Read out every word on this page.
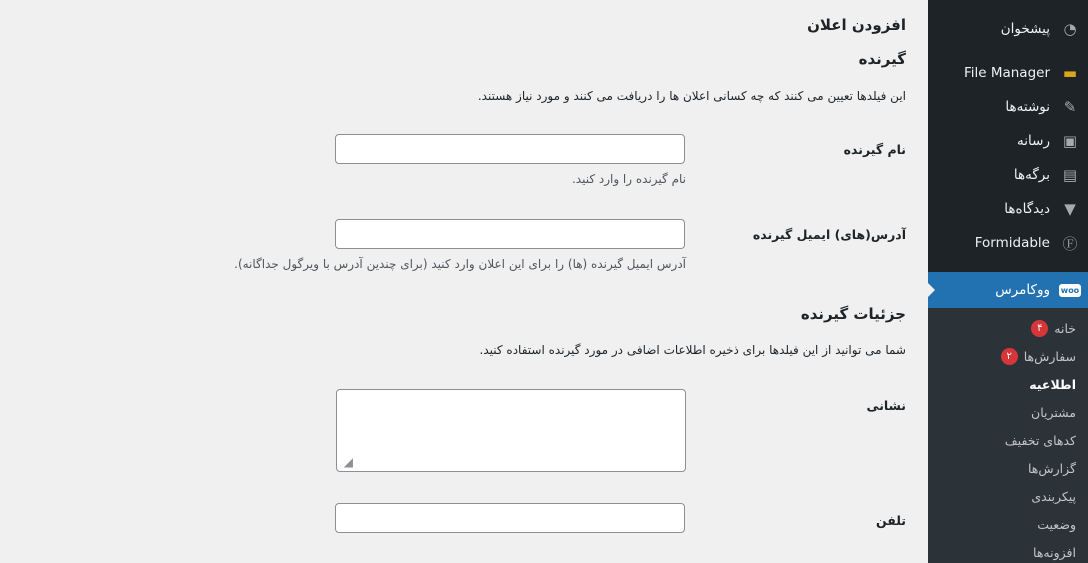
افزودن اعلان
گیرنده
این فیلدها تعیین می کنند که چه کسانی اعلان ها را دریافت می کنند و مورد نیاز هستند.
نام گیرنده
نام گیرنده را وارد کنید.
آدرس(های) ایمیل گیرنده
آدرس ایمیل گیرنده (ها) را برای این اعلان وارد کنید (برای چندین آدرس با ویرگول جداگانه).
جزئیات گیرنده
شما می توانید از این فیلدها برای ذخیره اطلاعات اضافی در مورد گیرنده استفاده کنید.
نشانی
◢
تلفن
◔
پیشخوان
▬
File Manager
✎
نوشته‌ها
▣
رسانه
▤
برگه‌ها
▼
دیدگاه‌ها
Ⓕ
Formidable
woo
ووکامرس
خانه
۴
سفارش‌ها
۲
اطلاعیه
مشتریان
کدهای تخفیف
گزارش‌ها
پیکربندی
وضعیت
افزونه‌ها
